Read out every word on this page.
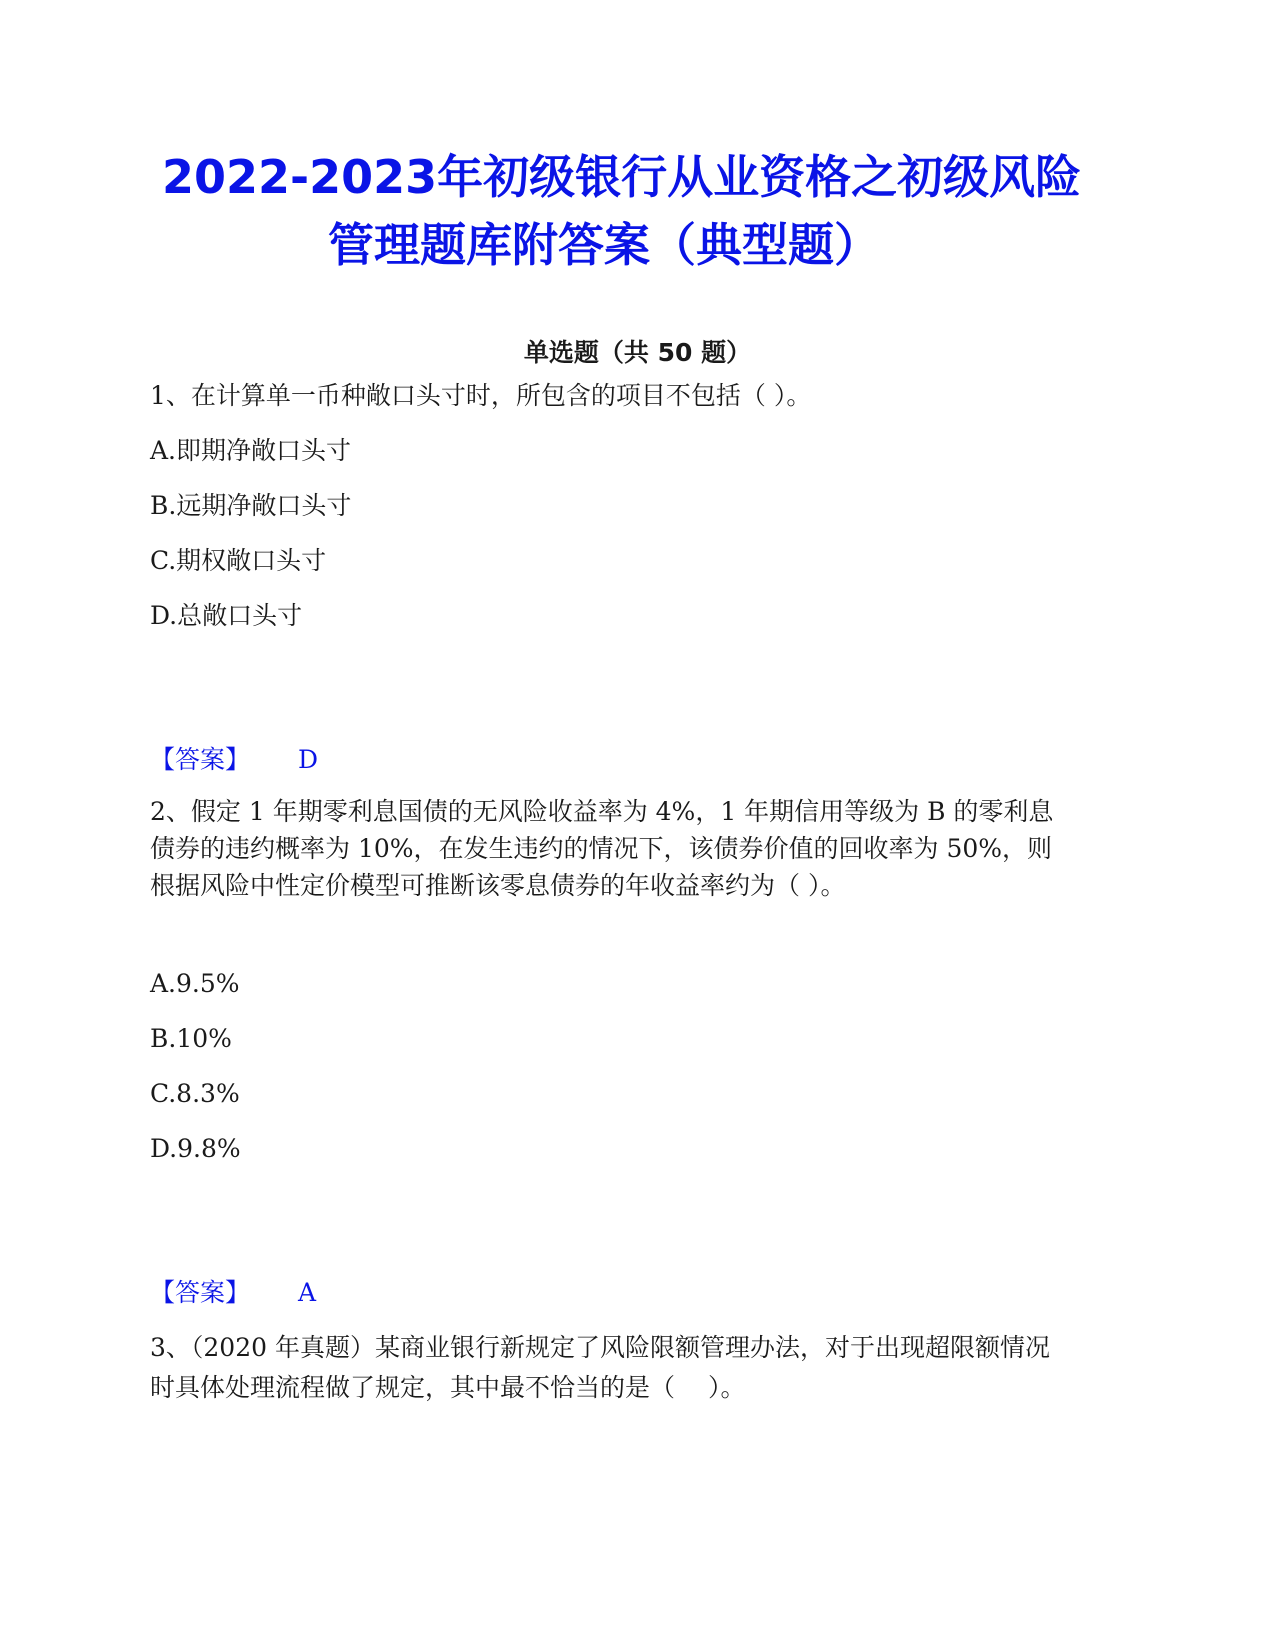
2022-2023年初级银行从业资格之初级风险
管理题库附答案（典型题）
单选题（共 50 题）

1、在计算单一币种敞口头寸时，所包含的项目不包括（ ）。

A.即期净敞口头寸

B.远期净敞口头寸

C.期权敞口头寸

D.总敞口头寸

【答案】 D

2、假定 1 年期零利息国债的无风险收益率为 4%，1 年期信用等级为 B 的零利息债券的违约概率为 10%，在发生违约的情况下，该债券价值的回收率为 50%，则根据风险中性定价模型可推断该零息债券的年收益率约为（ ）。

A.9.5%

B.10%

C.8.3%

D.9.8%

【答案】 A

3、（2020 年真题）某商业银行新规定了风险限额管理办法，对于出现超限额情况时具体处理流程做了规定，其中最不恰当的是（　 ）。
